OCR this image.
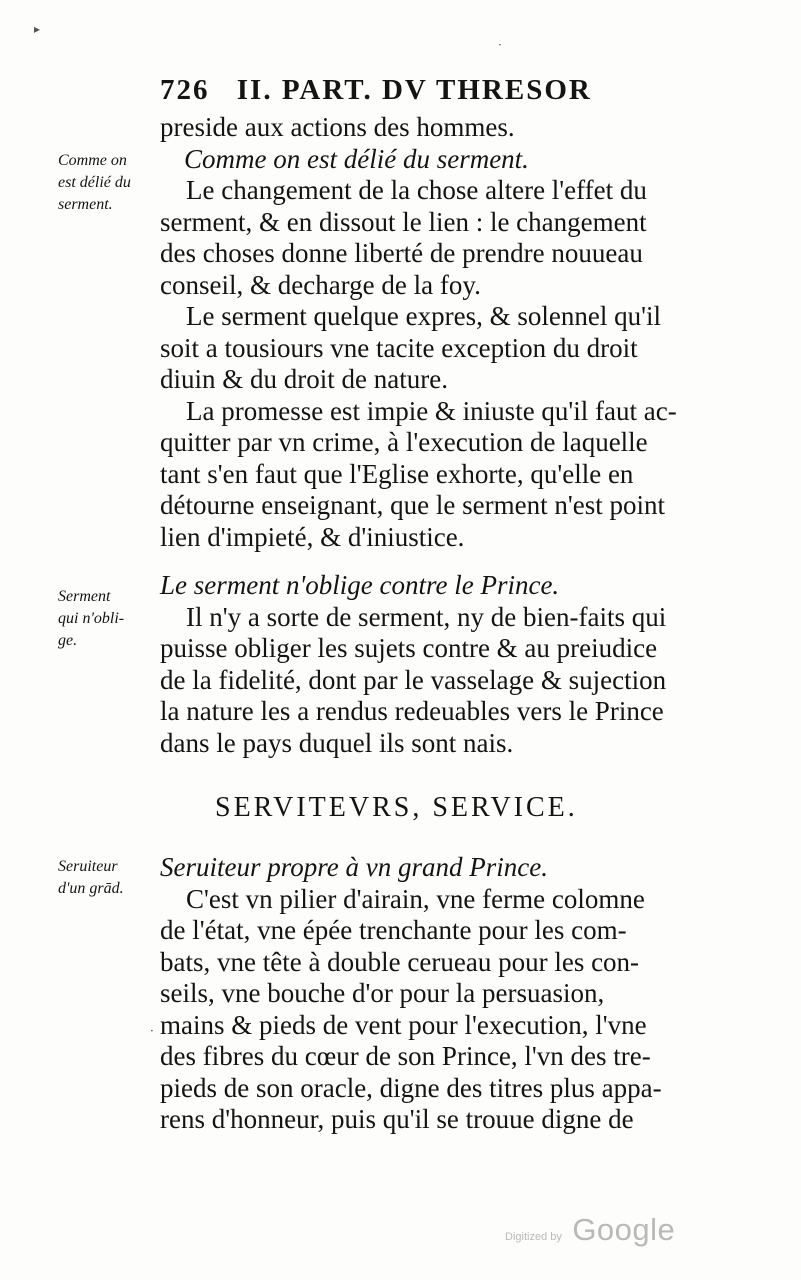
▸
·
726 II. PART. DV THRESOR
preside aux actions des hommes.
Comme on est délié du serment.
Le changement de la chose altere l'effet du
serment, & en dissout le lien : le changement
des choses donne liberté de prendre nouueau
conseil, & decharge de la foy.
Le serment quelque expres, & solennel qu'il
soit a tousiours vne tacite exception du droit
diuin & du droit de nature.
La promesse est impie & iniuste qu'il faut ac-
quitter par vn crime, à l'execution de laquelle
tant s'en faut que l'Eglise exhorte, qu'elle en
détourne enseignant, que le serment n'est point
lien d'impieté, & d'iniustice.
Le serment n'oblige contre le Prince.
Il n'y a sorte de serment, ny de bien-faits qui
puisse obliger les sujets contre & au preiudice
de la fidelité, dont par le vasselage & sujection
la nature les a rendus redeuables vers le Prince
dans le pays duquel ils sont nais.
SERVITEVRS, SERVICE.
Seruiteur propre à vn grand Prince.
C'est vn pilier d'airain, vne ferme colomne
de l'état, vne épée trenchante pour les com-
bats, vne tête à double cerueau pour les con-
seils, vne bouche d'or pour la persuasion,
mains & pieds de vent pour l'execution, l'vne
des fibres du cœur de son Prince, l'vn des tre-
pieds de son oracle, digne des titres plus appa-
rens d'honneur, puis qu'il se trouue digne de
Comme on
est délié du
serment.
Serment
qui n'obli-
ge.
Seruiteur
d'un grād.
·
Digitized by Google
